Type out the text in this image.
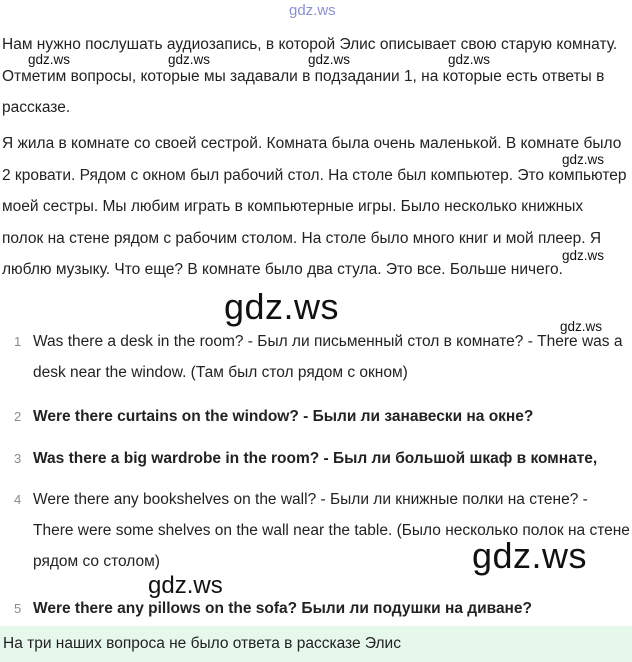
gdz.ws
gdz.ws	gdz.ws	gdz.ws	gdz.ws
gdz.ws
gdz.ws
gdz.ws
Нам нужно послушать аудиозапись, в которой Элис описывает свою старую комнату. Отметим вопросы, которые мы задавали в подзадании 1, на которые есть ответы в рассказе.
Я жила в комнате со своей сестрой. Комната была очень маленькой. В комнате было 2 кровати. Рядом с окном был рабочий стол. На столе был компьютер. Это компьютер моей сестры. Мы любим играть в компьютерные игры. Было несколько книжных полок на стене рядом с рабочим столом. На столе было много книг и мой плеер. Я люблю музыку. Что еще? В комнате было два стула. Это все. Больше ничего.
gdz.ws
1 Was there a desk in the room? - Был ли письменный стол в комнате? - There was a desk near the window. (Там был стол рядом с окном)
2 Were there curtains on the window? - Были ли занавески на окне?
3 Was there a big wardrobe in the room? - Был ли большой шкаф в комнате,
4 Were there any bookshelves on the wall? - Были ли книжные полки на стене? - There were some shelves on the wall near the table. (Было несколько полок на стене рядом со столом)	gdz.ws
gdz.ws
5 Were there any pillows on the sofa? Были ли подушки на диване?
На три наших вопроса не было ответа в рассказе Элис
